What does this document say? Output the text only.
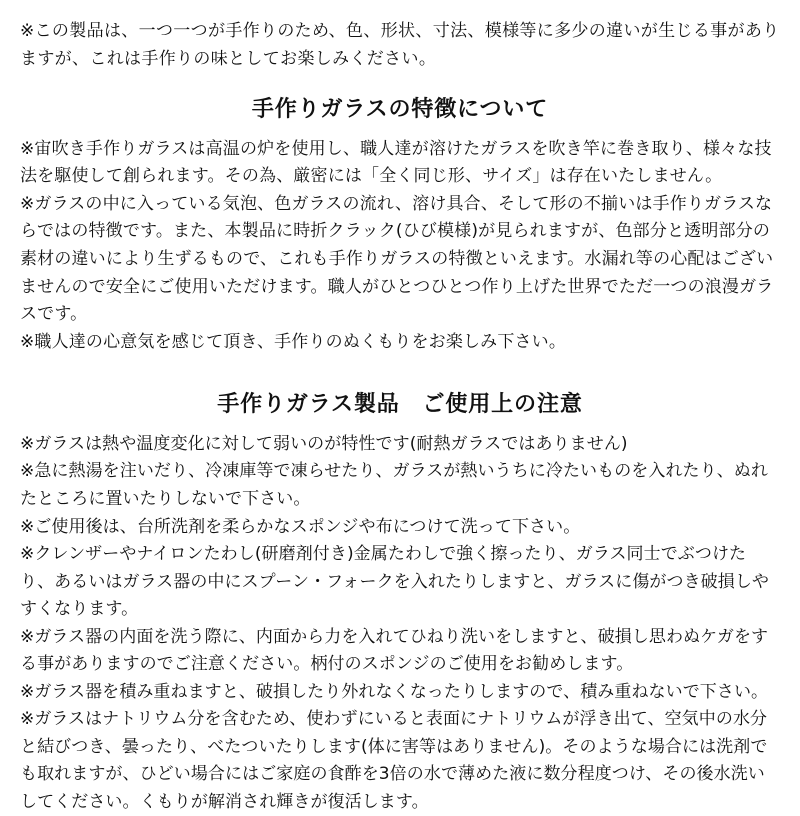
※この製品は、一つ一つが手作りのため、色、形状、寸法、模様等に多少の違いが生じる事がありますが、これは手作りの味としてお楽しみください。

手作りガラスの特徴について

※宙吹き手作りガラスは高温の炉を使用し、職人達が溶けたガラスを吹き竿に巻き取り、様々な技法を駆使して創られます。その為、厳密には「全く同じ形、サイズ」は存在いたしません。

※ガラスの中に入っている気泡、色ガラスの流れ、溶け具合、そして形の不揃いは手作りガラスならではの特徴です。また、本製品に時折クラック(ひび模様)が見られますが、色部分と透明部分の素材の違いにより生ずるもので、これも手作りガラスの特徴といえます。水漏れ等の心配はございませんので安全にご使用いただけます。職人がひとつひとつ作り上げた世界でただ一つの浪漫ガラスです。

※職人達の心意気を感じて頂き、手作りのぬくもりをお楽しみ下さい。

手作りガラス製品　ご使用上の注意

※ガラスは熱や温度変化に対して弱いのが特性です(耐熱ガラスではありません)

※急に熱湯を注いだり、冷凍庫等で凍らせたり、ガラスが熱いうちに冷たいものを入れたり、ぬれたところに置いたりしないで下さい。

※ご使用後は、台所洗剤を柔らかなスポンジや布につけて洗って下さい。

※クレンザーやナイロンたわし(研磨剤付き)金属たわしで強く擦ったり、ガラス同士でぶつけたり、あるいはガラス器の中にスプーン・フォークを入れたりしますと、ガラスに傷がつき破損しやすくなります。

※ガラス器の内面を洗う際に、内面から力を入れてひねり洗いをしますと、破損し思わぬケガをする事がありますのでご注意ください。柄付のスポンジのご使用をお勧めします。

※ガラス器を積み重ねますと、破損したり外れなくなったりしますので、積み重ねないで下さい。

※ガラスはナトリウム分を含むため、使わずにいると表面にナトリウムが浮き出て、空気中の水分と結びつき、曇ったり、べたついたりします(体に害等はありません)。そのような場合には洗剤でも取れますが、ひどい場合にはご家庭の食酢を3倍の水で薄めた液に数分程度つけ、その後水洗いしてください。くもりが解消され輝きが復活します。
